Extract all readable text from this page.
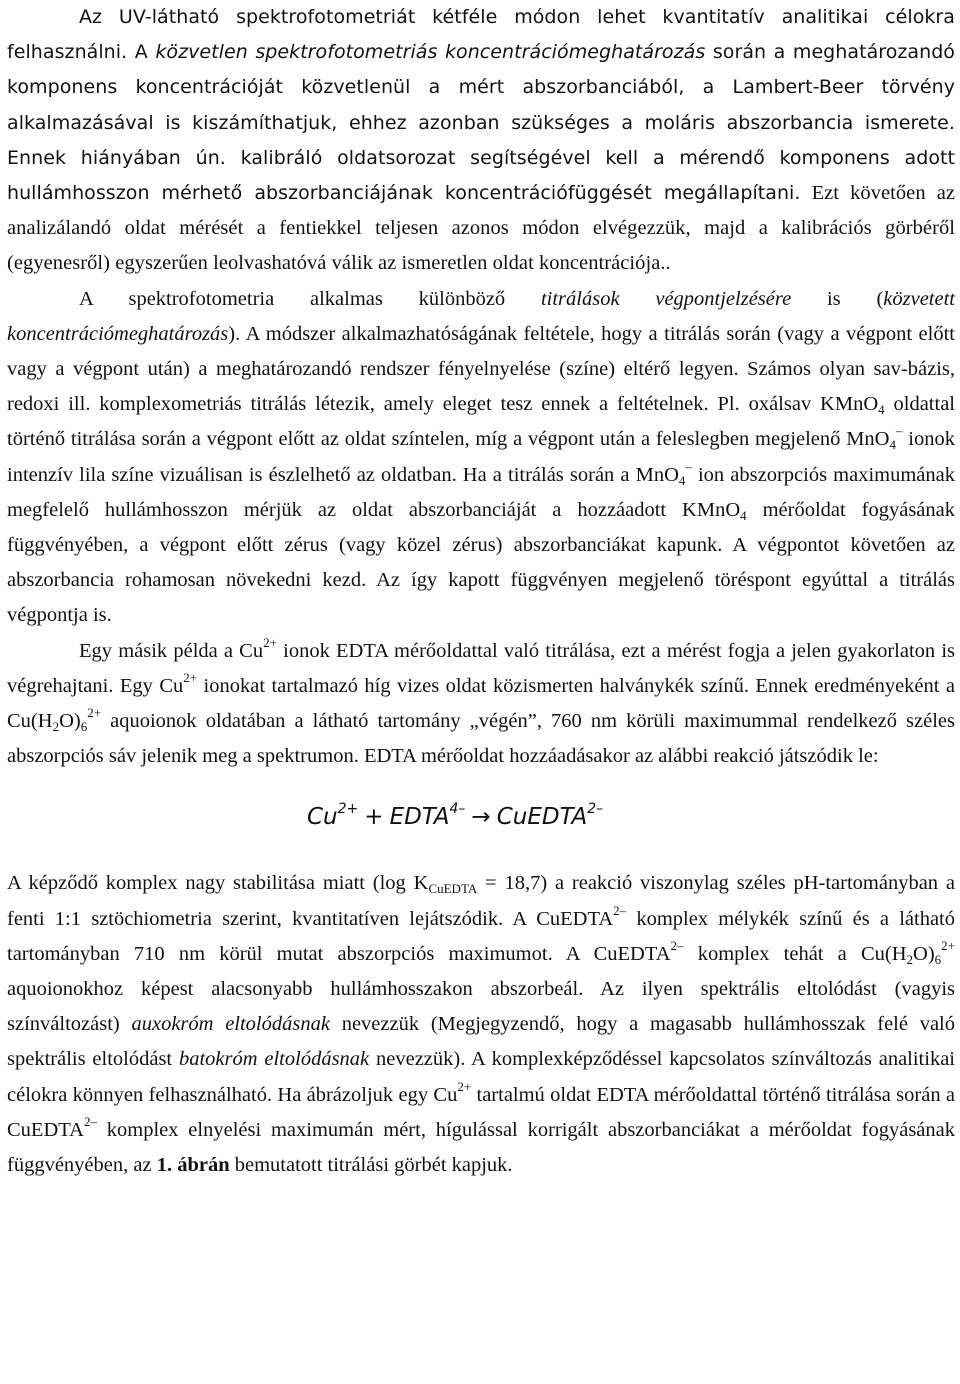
Az UV-látható spektrofotometriát kétféle módon lehet kvantitatív analitikai célokra felhasználni. A közvetlen spektrofotometriás koncentrációmeghatározás során a meghatározandó komponens koncentrációját közvetlenül a mért abszorbanciából, a Lambert-Beer törvény alkalmazásával is kiszámíthatjuk, ehhez azonban szükséges a moláris abszorbancia ismerete. Ennek hiányában ún. kalibráló oldatsorozat segítségével kell a mérendő komponens adott hullámhosszon mérhető abszorbanciájának koncentrációfüggését megállapítani. Ezt követően az analizálandó oldat mérését a fentiekkel teljesen azonos módon elvégezzük, majd a kalibrációs görbéről (egyenesről) egyszerűen leolvashatóvá válik az ismeretlen oldat koncentrációja..

A spektrofotometria alkalmas különböző titrálások végpontjelzésére is (közvetett koncentrációmeghatározás). A módszer alkalmazhatóságának feltétele, hogy a titrálás során (vagy a végpont előtt vagy a végpont után) a meghatározandó rendszer fényelnyelése (színe) eltérő legyen. Számos olyan sav-bázis, redoxi ill. komplexometriás titrálás létezik, amely eleget tesz ennek a feltételnek. Pl. oxálsav KMnO$_4$ oldattal történő titrálása során a végpont előtt az oldat színtelen, míg a végpont után a feleslegben megjelenő MnO$_4$– ionok intenzív lila színe vizuálisan is észlelhető az oldatban. Ha a titrálás során a MnO$_4$– ion abszorpciós maximumának megfelelő hullámhosszon mérjük az oldat abszorbanciáját a hozzáadott KMnO$_4$ mérőoldat fogyásának függvényében, a végpont előtt zérus (vagy közel zérus) abszorbanciákat kapunk. A végpontot követően az abszorbancia rohamosan növekedni kezd. Az így kapott függvényen megjelenő töréspont egyúttal a titrálás végpontja is.

Egy másik példa a $Cu^{2+}$ ionok EDTA mérőoldattal való titrálása, ezt a mérést fogja a jelen gyakorlaton is végrehajtani. Egy $Cu^{2+}$ ionokat tartalmazó híg vizes oldat közismerten halványkék színű. Ennek eredményeként a $Cu(H_2O)_6^{2+}$ aquoionok oldatában a látható tartomány „végén”, 760 nm körüli maximummal rendelkező széles abszorpciós sáv jelenik meg a spektrumon. EDTA mérőoldat hozzáadásakor az alábbi reakció játszódik le:

$Cu^{2+}$ + $EDTA^{4-}$ → CuEDTA$^{2-}$

A képződő komplex nagy stabilitása miatt (log $K_{CuEDTA} = 18,7$) a reakció viszonylag széles pH-tartományban a fenti 1:1 sztöchiometria szerint, kvantitatíven lejátszódik. A CuEDTA$^{2-}$ komplex mélykék színű és a látható tartományban 710 nm körül mutat abszorpciós maximumot. A CuEDTA$^{2-}$ komplex tehát a $Cu(H_2O)_6^{2+}$ aquoionokhoz képest alacsonyabb hullámhosszakon abszorbeál. Az ilyen spektrális eltolódást (vagyis színváltozást) auxokróm eltolódásnak nevezzük (Megjegyzendő, hogy a magasabb hullámhosszak felé való spektrális eltolódást batokróm eltolódásnak nevezzük). A komplexképződéssel kapcsolatos színváltozás analitikai célokra könnyen felhasználható. Ha ábrázoljuk egy $Cu^{2+}$ tartalmú oldat EDTA mérőoldattal történő titrálása során a CuEDTA$^{2-}$ komplex elnyelési maximumán mért, hígulással korrigált abszorbanciákat a mérőoldat fogyásának függvényében, az 1. ábrán bemutatott titrálási görbét kapjuk.
